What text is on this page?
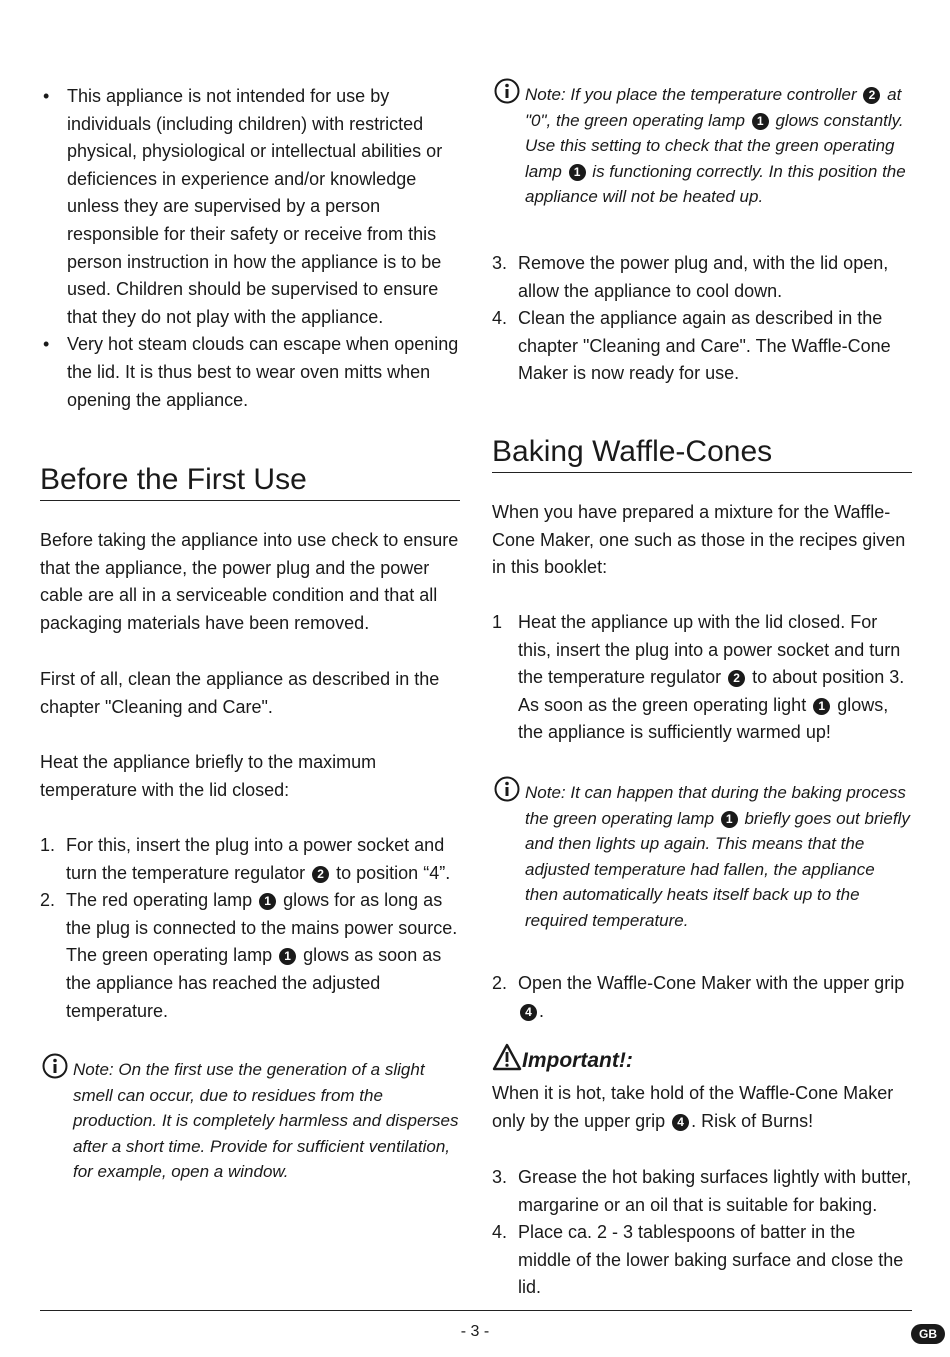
• This appliance is not intended for use by individuals (including children) with restricted physical, physiological or intellectual abilities or deficiences in experience and/or knowledge unless they are supervised by a person responsible for their safety or receive from this person instruction in how the appliance is to be used. Children should be supervised to ensure that they do not play with the appliance.
• Very hot steam clouds can escape when opening the lid. It is thus best to wear oven mitts when opening the appliance.
Before the First Use

Before taking the appliance into use check to ensure that the appliance, the power plug and the power cable are all in a serviceable condition and that all packaging materials have been removed.

First of all, clean the appliance as described in the chapter "Cleaning and Care".

Heat the appliance briefly to the maximum temperature with the lid closed:

1. For this, insert the plug into a power socket and turn the temperature regulator 2 to position “4”.
2. The red operating lamp 1 glows for as long as the plug is connected to the mains power source. The green operating lamp 1 glows as soon as the appliance has reached the adjusted temperature.
Note: On the first use the generation of a slight smell can occur, due to residues from the production. It is completely harmless and disperses after a short time. Provide for sufficient ventilation, for example, open a window.
Note: If you place the temperature controller 2 at "0", the green operating lamp 1 glows constantly. Use this setting to check that the green operating lamp 1 is functioning correctly. In this position the appliance will not be heated up.
3. Remove the power plug and, with the lid open, allow the appliance to cool down.
4. Clean the appliance again as described in the chapter "Cleaning and Care". The Waffle-Cone Maker is now ready for use.
Baking Waffle-Cones

When you have prepared a mixture for the Waffle-Cone Maker, one such as those in the recipes given in this booklet:

1 Heat the appliance up with the lid closed. For this, insert the plug into a power socket and turn the temperature regulator 2 to about position 3. As soon as the green operating light 1 glows, the appliance is sufficiently warmed up!
Note: It can happen that during the baking process the green operating lamp 1 briefly goes out briefly and then lights up again. This means that the adjusted temperature had fallen, the appliance then automatically heats itself back up to the required temperature.
2. Open the Waffle-Cone Maker with the upper grip 4 .
Important!:

When it is hot, take hold of the Waffle-Cone Maker only by the upper grip 4 . Risk of Burns!

3. Grease the hot baking surfaces lightly with butter, margarine or an oil that is suitable for baking.
4. Place ca. 2 - 3 tablespoons of batter in the middle of the lower baking surface and close the lid.
- 3 -	GB
